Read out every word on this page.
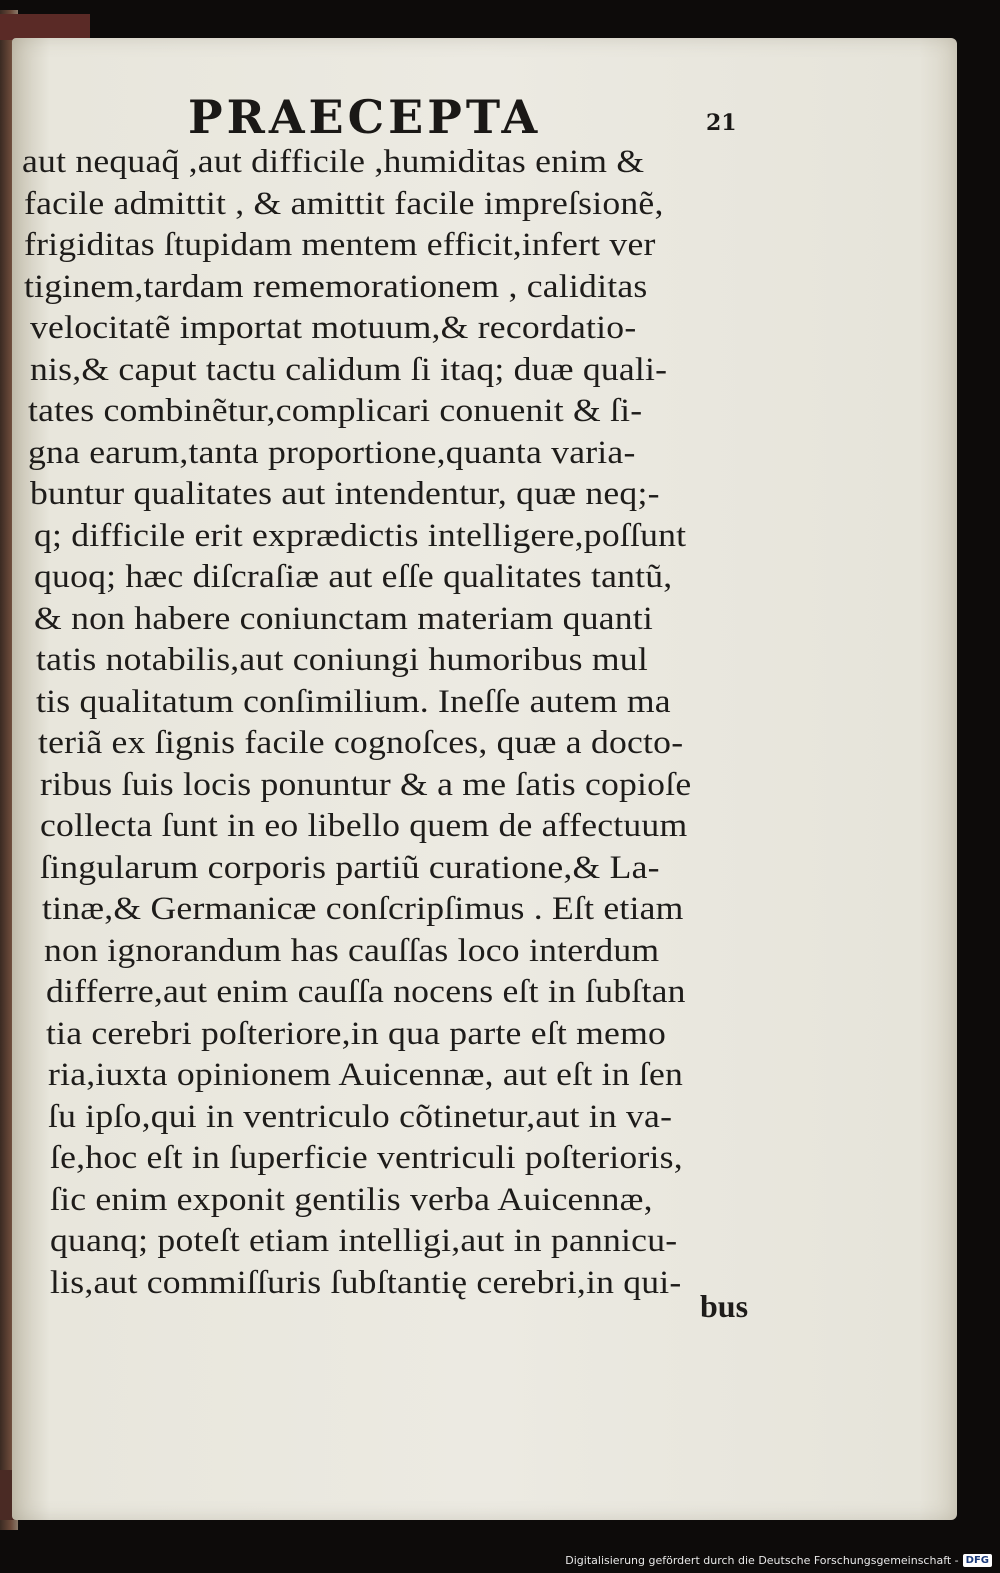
PRAECEPTA	21
aut nequaq̃ ,aut difficile ,humiditas enim &
facile admittit , & amittit facile impreſsionẽ,
frigiditas ſtupidam mentem efficit,infert ver
tiginem,tardam rememorationem , caliditas
velocitatẽ importat motuum,& recordatio-
nis,& caput tactu calidum ſi itaq; duæ quali-
tates combinẽtur,complicari conuenit & ſi-
gna earum,tanta proportione,quanta varia-
buntur qualitates aut intendentur, quæ neq;-
q; difficile erit exprædictis intelligere,poſſunt
quoq; hæc diſcraſiæ aut eſſe qualitates tantũ,
& non habere coniunctam materiam quanti
tatis notabilis,aut coniungi humoribus mul
tis qualitatum conſimilium. Ineſſe autem ma
teriã ex ſignis facile cognoſces, quæ a docto-
ribus ſuis locis ponuntur & a me ſatis copioſe
collecta ſunt in eo libello quem de affectuum
ſingularum corporis partiũ curatione,& La-
tinæ,& Germanicæ conſcripſimus . Eſt etiam
non ignorandum has cauſſas loco interdum
differre,aut enim cauſſa nocens eſt in ſubſtan
tia cerebri poſteriore,in qua parte eſt memo
ria,iuxta opinionem Auicennæ, aut eſt in ſen
ſu ipſo,qui in ventriculo cõtinetur,aut in va-
ſe,hoc eſt in ſuperficie ventriculi poſterioris,
ſic enim exponit gentilis verba Auicennæ,
quanq; poteſt etiam intelligi,aut in pannicu-
lis,aut commiſſuris ſubſtantię cerebri,in qui-
bus
Digitalisierung gefördert durch die Deutsche Forschungsgemeinschaft - DFG
